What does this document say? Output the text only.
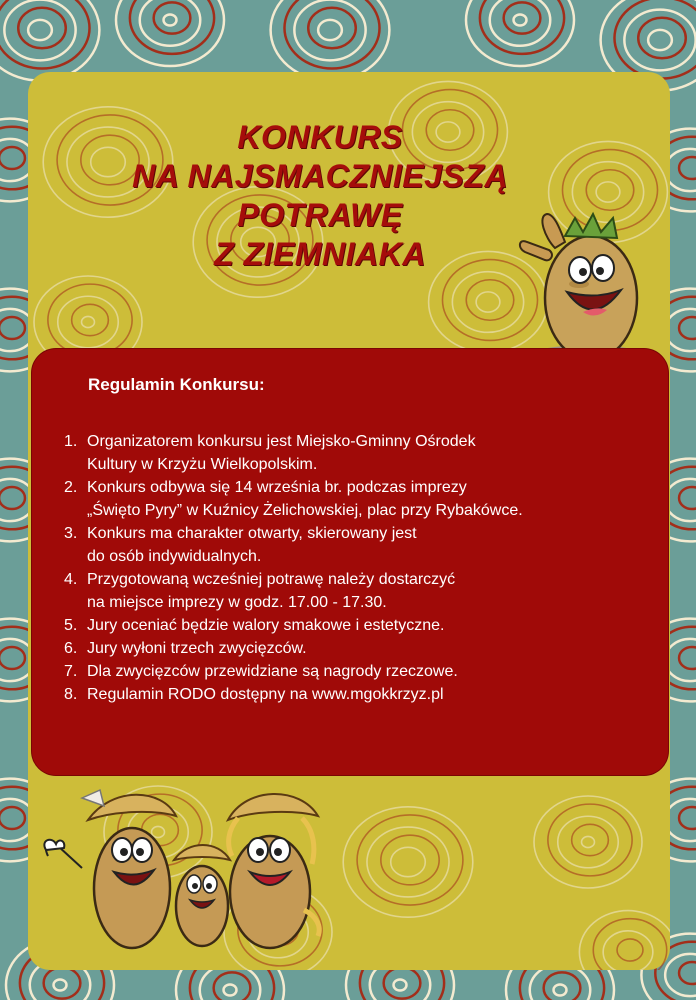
KONKURS
NA NAJSMACZNIEJSZĄ
POTRAWĘ
Z ZIEMNIAKA
Regulamin Konkursu:
1. Organizatorem konkursu jest Miejsko-Gminny Ośrodek
Kultury w Krzyżu Wielkopolskim.
2. Konkurs odbywa się 14 września br. podczas imprezy
„Święto Pyry” w Kuźnicy Żelichowskiej, plac przy Rybakówce.
3. Konkurs ma charakter otwarty, skierowany jest
do osób indywidualnych.
4. Przygotowaną wcześniej potrawę należy dostarczyć
na miejsce imprezy w godz. 17.00 - 17.30.
5. Jury oceniać będzie walory smakowe i estetyczne.
6. Jury wyłoni trzech zwycięzców.
7. Dla zwycięzców przewidziane są nagrody rzeczowe.
8. Regulamin RODO dostępny na www.mgokkrzyz.pl
